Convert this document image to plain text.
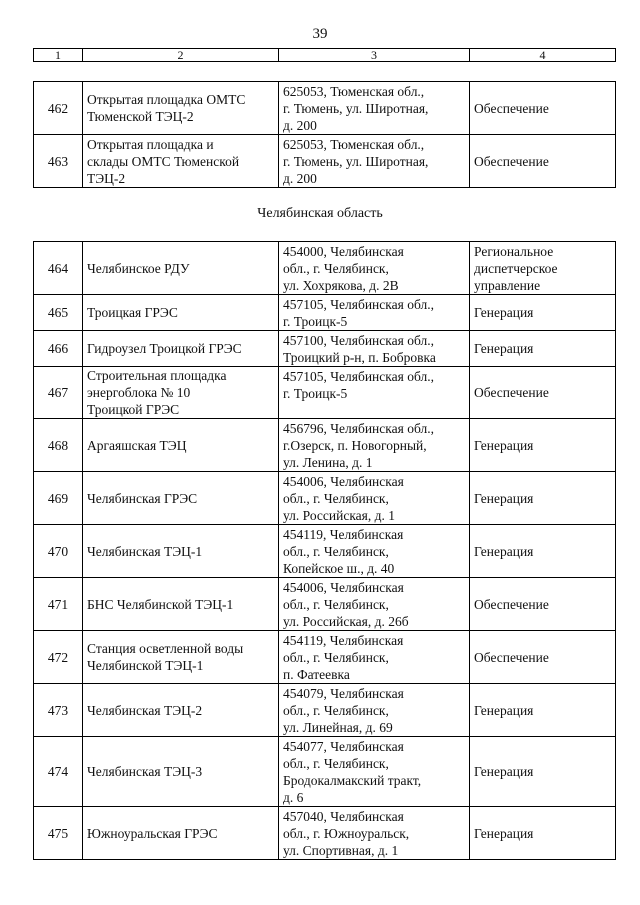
39
1	2	3	4
462	Открытая площадка ОМТС
Тюменской ТЭЦ-2	625053, Тюменская обл.,
г. Тюмень, ул. Широтная,
д. 200	Обеспечение
463	Открытая площадка и
склады ОМТС Тюменской
ТЭЦ-2	625053, Тюменская обл.,
г. Тюмень, ул. Широтная,
д. 200	Обеспечение
Челябинская область
464	Челябинское РДУ	454000, Челябинская
обл., г. Челябинск,
ул. Хохрякова, д. 2В	Региональное
диспетчерское
управление
465	Троицкая ГРЭС	457105, Челябинская обл.,
г. Троицк-5	Генерация
466	Гидроузел Троицкой ГРЭС	457100, Челябинская обл.,
Троицкий р-н, п. Бобровка	Генерация
467	Строительная площадка
энергоблока № 10
Троицкой ГРЭС	457105, Челябинская обл.,
г. Троицк-5	Обеспечение
468	Аргаяшская ТЭЦ	456796, Челябинская обл.,
г.Озерск, п. Новогорный,
ул. Ленина, д. 1	Генерация
469	Челябинская ГРЭС	454006, Челябинская
обл., г. Челябинск,
ул. Российская, д. 1	Генерация
470	Челябинская ТЭЦ-1	454119, Челябинская
обл., г. Челябинск,
Копейское ш., д. 40	Генерация
471	БНС Челябинской ТЭЦ-1	454006, Челябинская
обл., г. Челябинск,
ул. Российская, д. 26б	Обеспечение
472	Станция осветленной воды
Челябинской ТЭЦ-1	454119, Челябинская
обл., г. Челябинск,
п. Фатеевка	Обеспечение
473	Челябинская ТЭЦ-2	454079, Челябинская
обл., г. Челябинск,
ул. Линейная, д. 69	Генерация
474	Челябинская ТЭЦ-3	454077, Челябинская
обл., г. Челябинск,
Бродокалмакский тракт,
д. 6	Генерация
475	Южноуральская ГРЭС	457040, Челябинская
обл., г. Южноуральск,
ул. Спортивная, д. 1	Генерация
